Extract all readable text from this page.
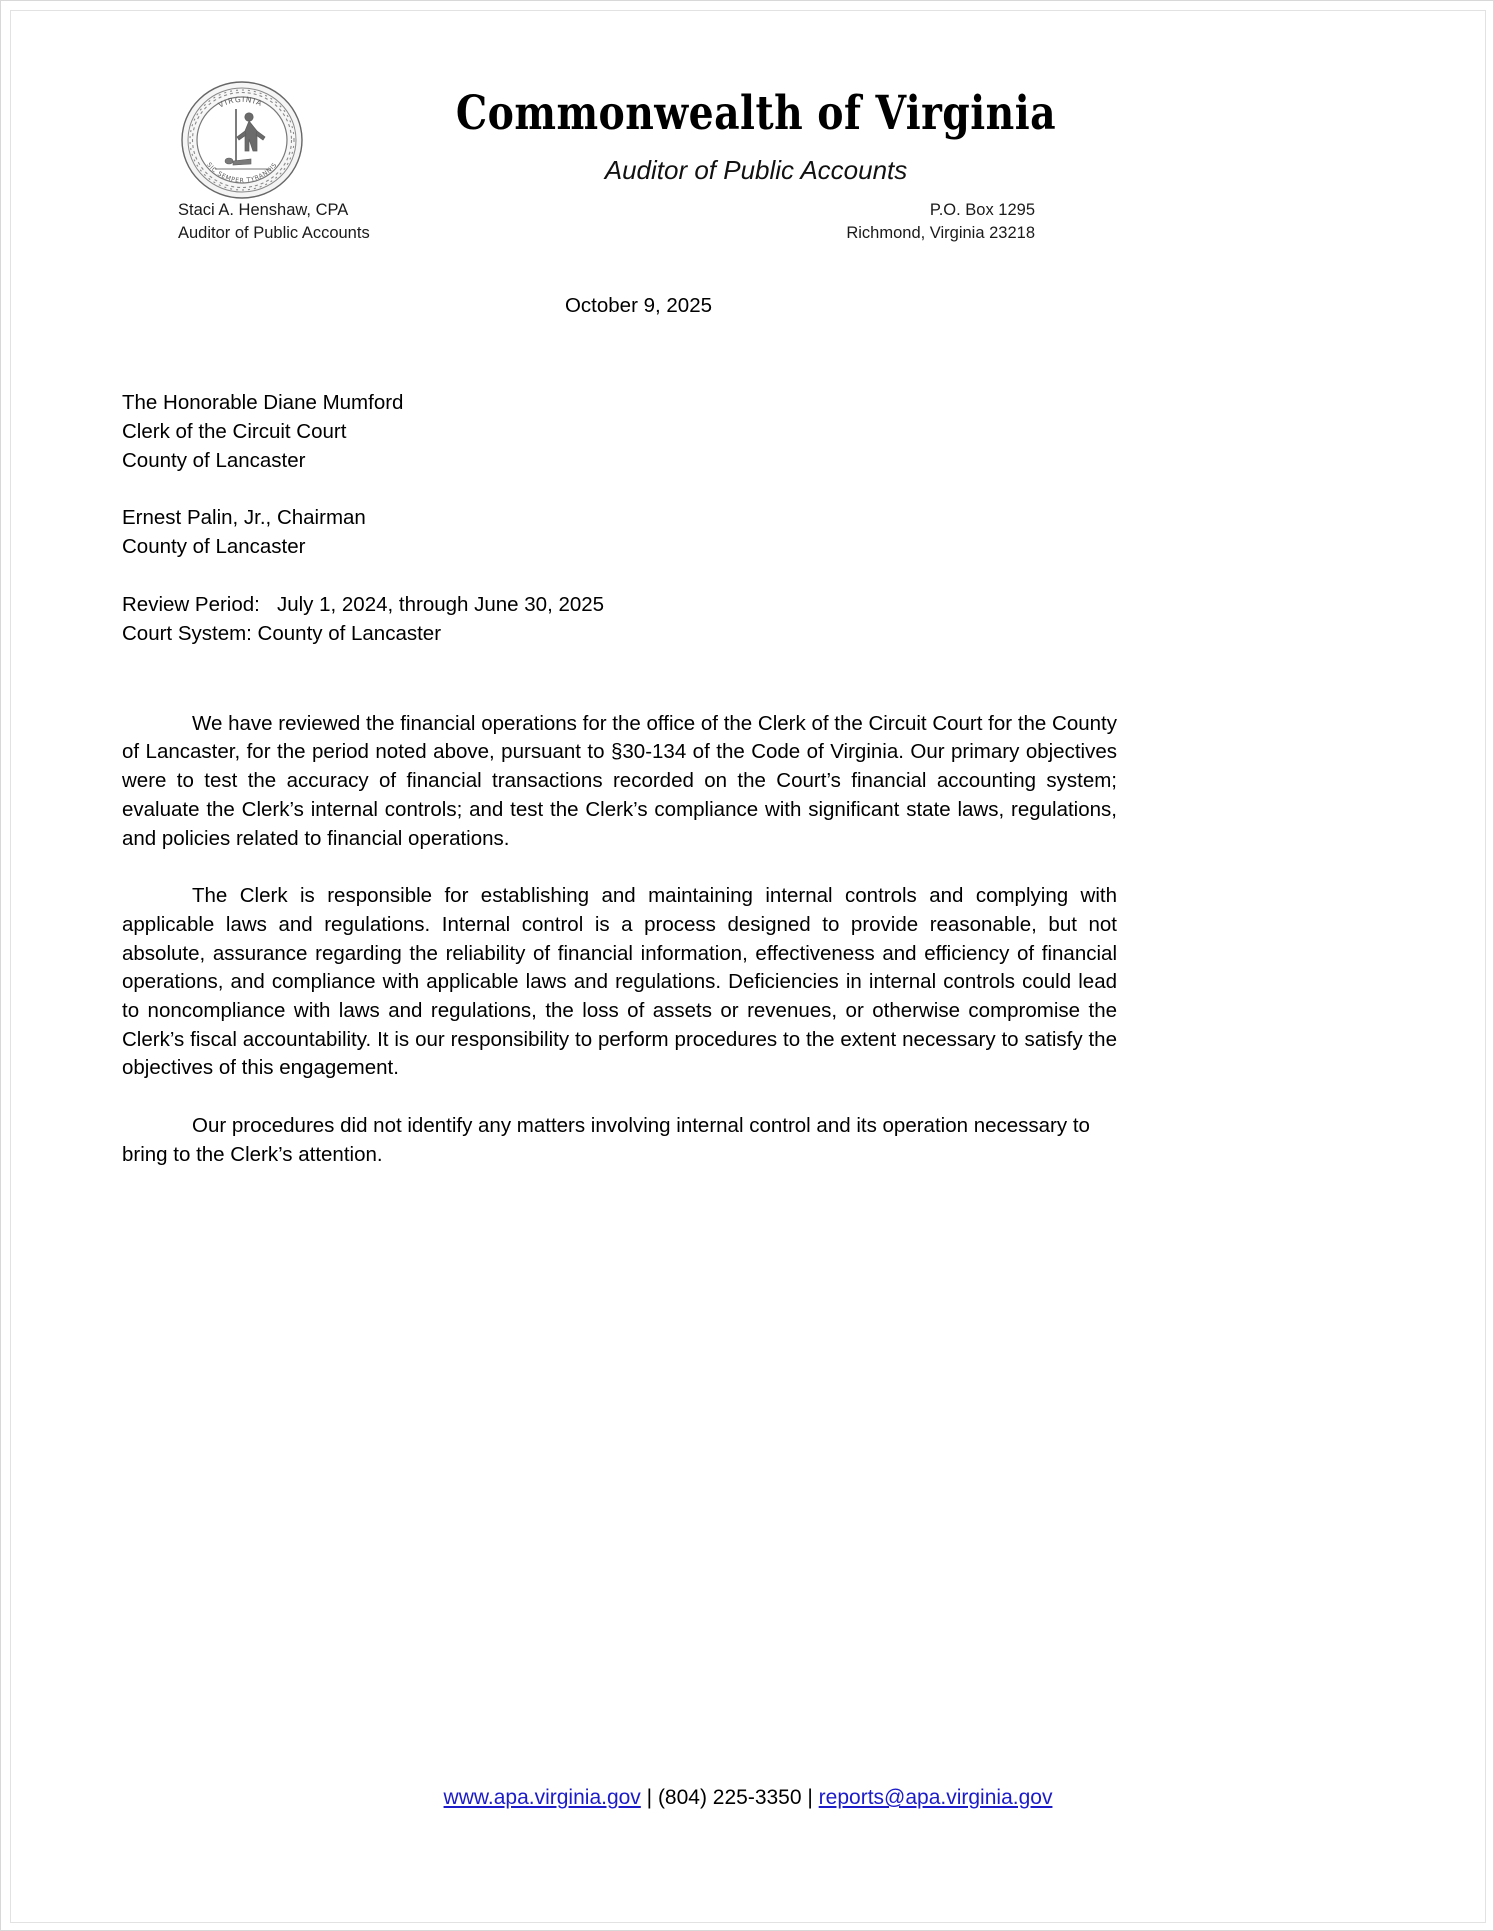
VIRGINIA
SIC SEMPER TYRANNIS
Commonwealth of Virginia
Auditor of Public Accounts
Staci A. Henshaw, CPA
Auditor of Public Accounts
P.O. Box 1295
Richmond, Virginia 23218
October 9, 2025
The Honorable Diane Mumford
Clerk of the Circuit Court
County of Lancaster
Ernest Palin, Jr., Chairman
County of Lancaster
Review Period:   July 1, 2024, through June 30, 2025
Court System: County of Lancaster

We have reviewed the financial operations for the office of the Clerk of the Circuit Court for the County of Lancaster, for the period noted above, pursuant to §30-134 of the Code of Virginia. Our primary objectives were to test the accuracy of financial transactions recorded on the Court’s financial accounting system; evaluate the Clerk’s internal controls; and test the Clerk’s compliance with significant state laws, regulations, and policies related to financial operations.

The Clerk is responsible for establishing and maintaining internal controls and complying with applicable laws and regulations. Internal control is a process designed to provide reasonable, but not absolute, assurance regarding the reliability of financial information, effectiveness and efficiency of financial operations, and compliance with applicable laws and regulations. Deficiencies in internal controls could lead to noncompliance with laws and regulations, the loss of assets or revenues, or otherwise compromise the Clerk’s fiscal accountability. It is our responsibility to perform procedures to the extent necessary to satisfy the objectives of this engagement.

Our procedures did not identify any matters involving internal control and its operation necessary to bring to the Clerk’s attention.

www.apa.virginia.gov | (804) 225-3350 | reports@apa.virginia.gov
